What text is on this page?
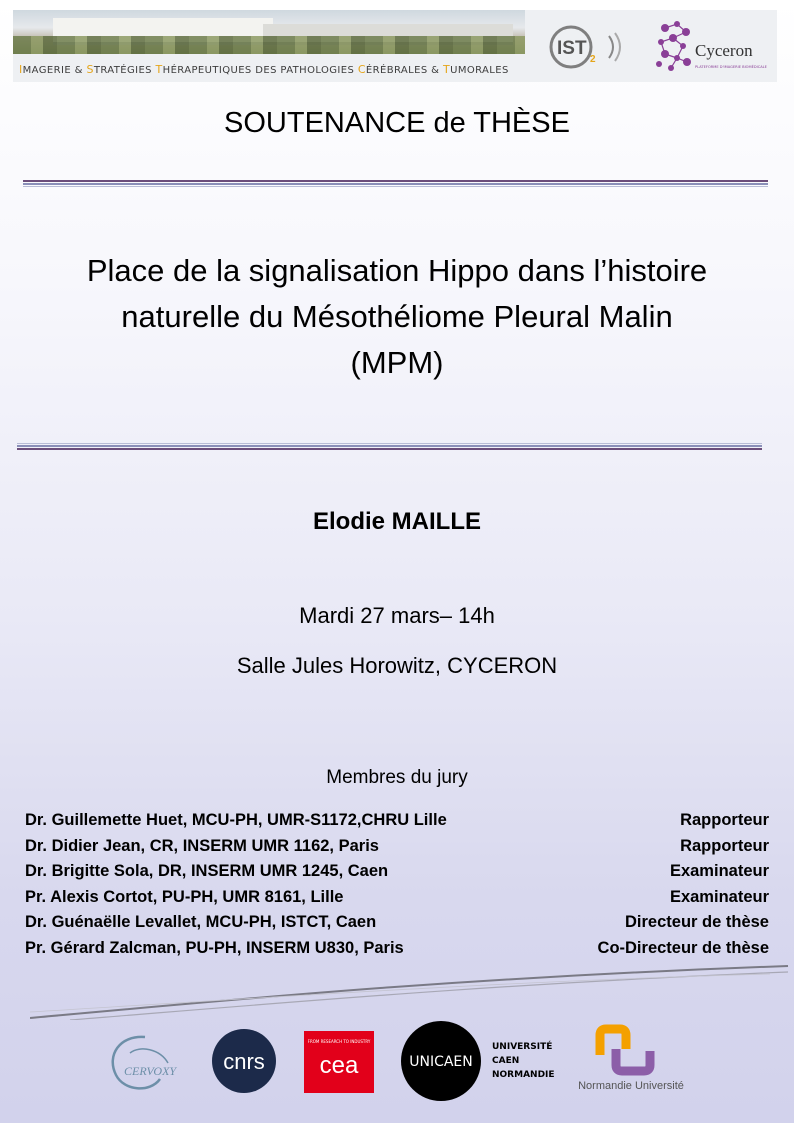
IMAGERIE & STRATÉGIES THÉRAPEUTIQUES DES PATHOLOGIES CÉRÉBRALES & TUMORALES
IST
2	Cyceron
PLATEFORME D'IMAGERIE BIOMÉDICALE
SOUTENANCE de THÈSE
Place de la signalisation Hippo dans l’histoire
naturelle du Mésothéliome Pleural Malin
(MPM)
Elodie MAILLE
Mardi 27 mars– 14h
Salle Jules Horowitz, CYCERON
Membres du jury
Dr. Guillemette Huet, MCU-PH, UMR-S1172,CHRU Lille	Rapporteur
Dr. Didier Jean, CR, INSERM UMR 1162, Paris	Rapporteur
Dr. Brigitte Sola, DR, INSERM UMR 1245, Caen	Examinateur
Pr. Alexis Cortot, PU-PH, UMR 8161, Lille	Examinateur
Dr. Guénaëlle Levallet, MCU-PH, ISTCT, Caen	Directeur de thèse
Pr. Gérard Zalcman, PU-PH, INSERM U830, Paris	Co-Directeur de thèse
CERVOXY cnrs
FROM RESEARCH TO INDUSTRY
cea	UNICAEN
UNIVERSITÉ
CAEN
NORMANDIE
Normandie Université
